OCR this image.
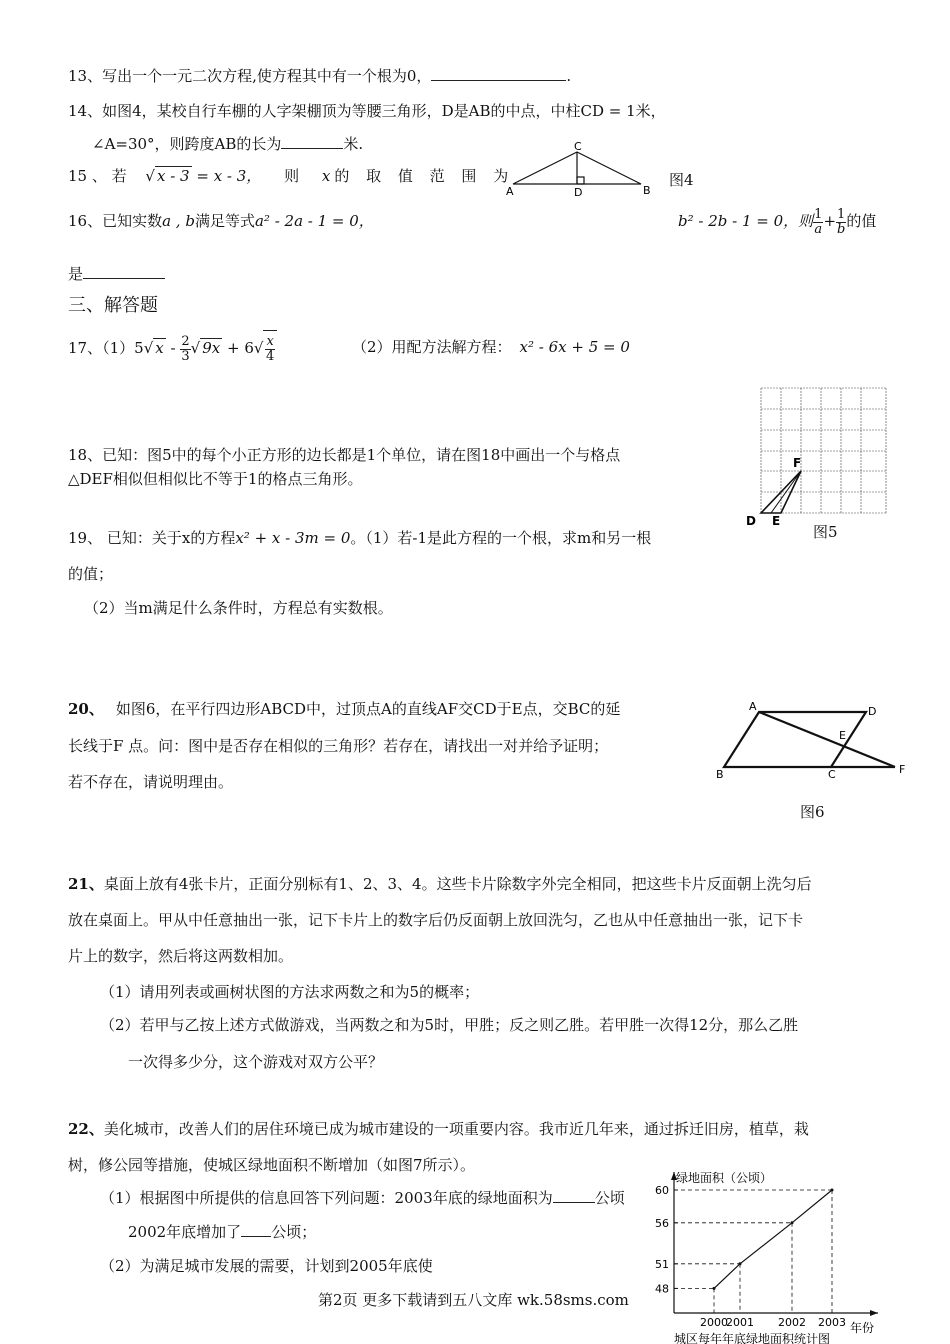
13、写出一个一元二次方程,使方程其中有一个根为0，	.
14、如图4，某校自行车棚的人字架棚顶为等腰三角形，D是AB的中点，中柱CD = 1米，
∠A=30°，则跨度AB的长为	米.
15 、 若 √ x - 3 = x - 3， 则 x 的 取 值 范 围 为
C
A	D	B
图4
16、已知实数a , b满足等式a² - 2a - 1 = 0，	b² - 2b - 1 = 0，则 $\frac{1}{a} + \frac{1}{b}$ 的值
是
三、解答题
17、（1）5√ x - $\frac{2}{3}$ √ $9x + 6√ \frac{x}{4}$	（2）用配方法解方程： x² - 6x + 5 = 0
F
D E
图5
18、已知：图5中的每个小正方形的边长都是1个单位，请在图18中画出一个与格点
△DEF相似但相似比不等于1的格点三角形。
19、 已知：关于x的方程x² + x - 3m = 0。（1）若-1是此方程的一个根，求m和另一根
的值；
（2）当m满足什么条件时，方程总有实数根。
20、 如图6，在平行四边形ABCD中，过顶点A的直线AF交CD于E点，交BC的延
长线于F 点。问：图中是否存在相似的三角形？若存在，请找出一对并给予证明；
若不存在，请说明理由。
A	D
E
B	C	F
图6
21、桌面上放有4张卡片，正面分别标有1、2、3、4。这些卡片除数字外完全相同，把这些卡片反面朝上洗匀后
放在桌面上。甲从中任意抽出一张，记下卡片上的数字后仍反面朝上放回洗匀，乙也从中任意抽出一张，记下卡
片上的数字，然后将这两数相加。
（1）请用列表或画树状图的方法求两数之和为5的概率；
（2）若甲与乙按上述方式做游戏，当两数之和为5时，甲胜；反之则乙胜。若甲胜一次得12分，那么乙胜
一次得多少分，这个游戏对双方公平？
22、美化城市，改善人们的居住环境已成为城市建设的一项重要内容。我市近几年来，通过拆迁旧房，植草，栽
树，修公园等措施，使城区绿地面积不断增加（如图7所示）。
（1）根据图中所提供的信息回答下列问题：2003年底的绿地面积为	公顷
2002年底增加了 公顷；
（2）为满足城市发展的需要，计划到2005年底使
绿地面积（公顷）
年份
城区每年年底绿地面积统计图
48
2000
51
2001
56
2002
60
2003
第2页 更多下载请到五八文库 wk.58sms.com
